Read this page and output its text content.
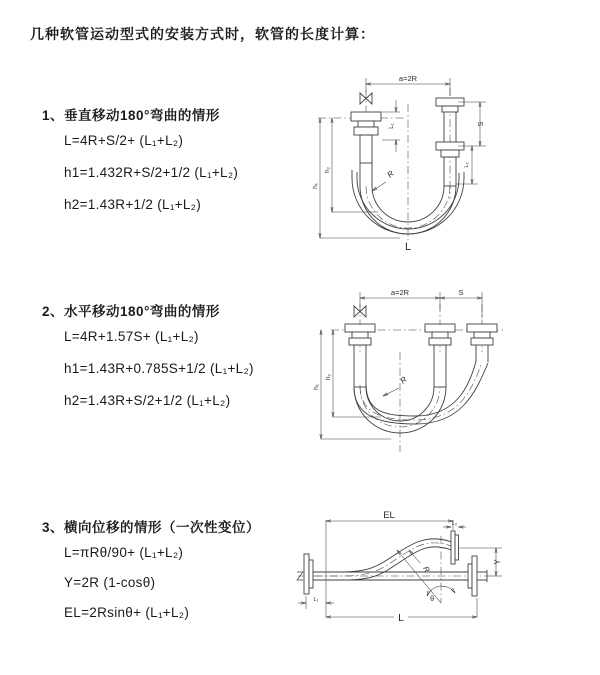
几种软管运动型式的安装方式时，软管的长度计算：
1、垂直移动180°弯曲的情形
L=4R+S/2+ (L₁+L₂)
h1=1.432R+S/2+1/2 (L₁+L₂)
h2=1.43R+1/2 (L₁+L₂)
2、水平移动180°弯曲的情形
L=4R+1.57S+ (L₁+L₂)
h1=1.43R+0.785S+1/2 (L₁+L₂)
h2=1.43R+S/2+1/2 (L₁+L₂)
3、横向位移的情形（一次性变位）
L=πRθ/90+ (L₁+L₂)
Y=2R (1-cosθ)
EL=2Rsinθ+ (L₁+L₂)
a=2R
h₁
h₂
L₁	S
L₂
R
L
a=2R	S
h₁
h₂	R
EL
L₂
Y
L₁
L
θ
R
